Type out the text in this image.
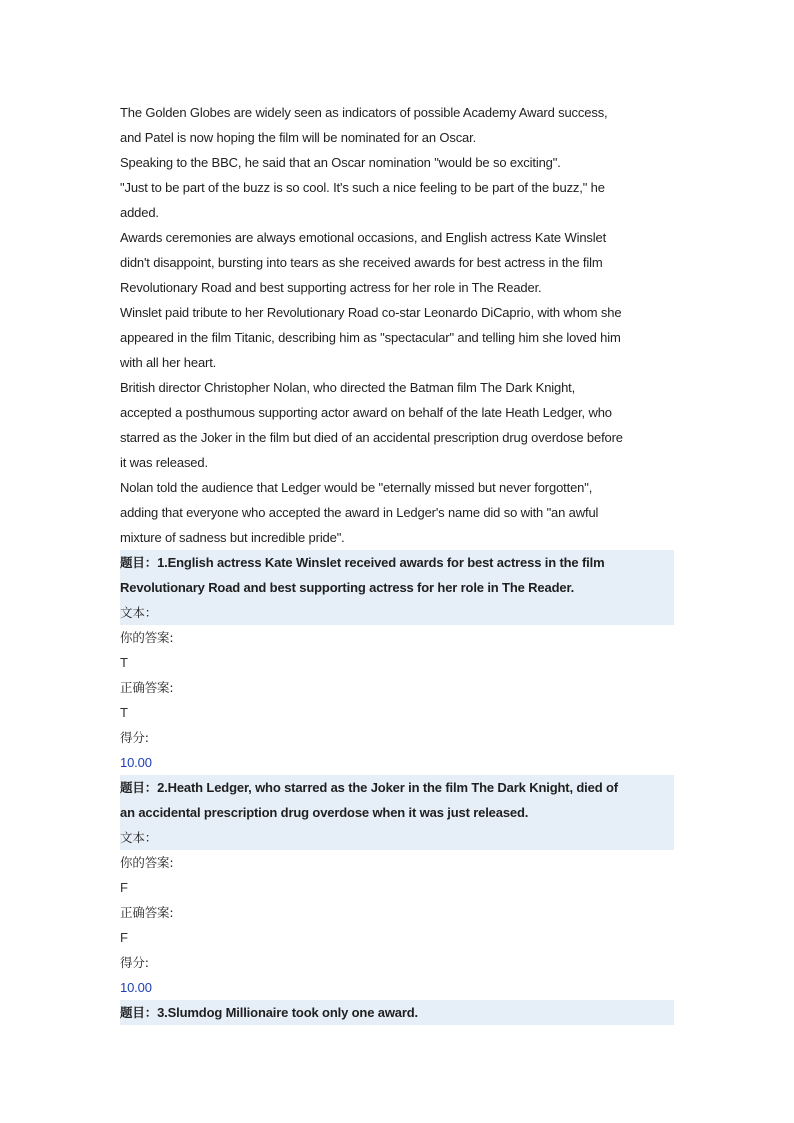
The Golden Globes are widely seen as indicators of possible Academy Award success,
and Patel is now hoping the film will be nominated for an Oscar.
Speaking to the BBC, he said that an Oscar nomination "would be so exciting".
"Just to be part of the buzz is so cool. It's such a nice feeling to be part of the buzz," he
added.
Awards ceremonies are always emotional occasions, and English actress Kate Winslet
didn't disappoint, bursting into tears as she received awards for best actress in the film
Revolutionary Road and best supporting actress for her role in The Reader.
Winslet paid tribute to her Revolutionary Road co-star Leonardo DiCaprio, with whom she
appeared in the film Titanic, describing him as "spectacular" and telling him she loved him
with all her heart.
British director Christopher Nolan, who directed the Batman film The Dark Knight,
accepted a posthumous supporting actor award on behalf of the late Heath Ledger, who
starred as the Joker in the film but died of an accidental prescription drug overdose before
it was released.
Nolan told the audience that Ledger would be "eternally missed but never forgotten",
adding that everyone who accepted the award in Ledger's name did so with "an awful
mixture of sadness but incredible pride".
题目：1.English actress Kate Winslet received awards for best actress in the film
Revolutionary Road and best supporting actress for her role in The Reader.
文本：
你的答案:
T
正确答案:
T
得分:
10.00
题目：2.Heath Ledger, who starred as the Joker in the film The Dark Knight, died of
an accidental prescription drug overdose when it was just released.
文本：
你的答案:
F
正确答案:
F
得分:
10.00
题目：3.Slumdog Millionaire took only one award.
